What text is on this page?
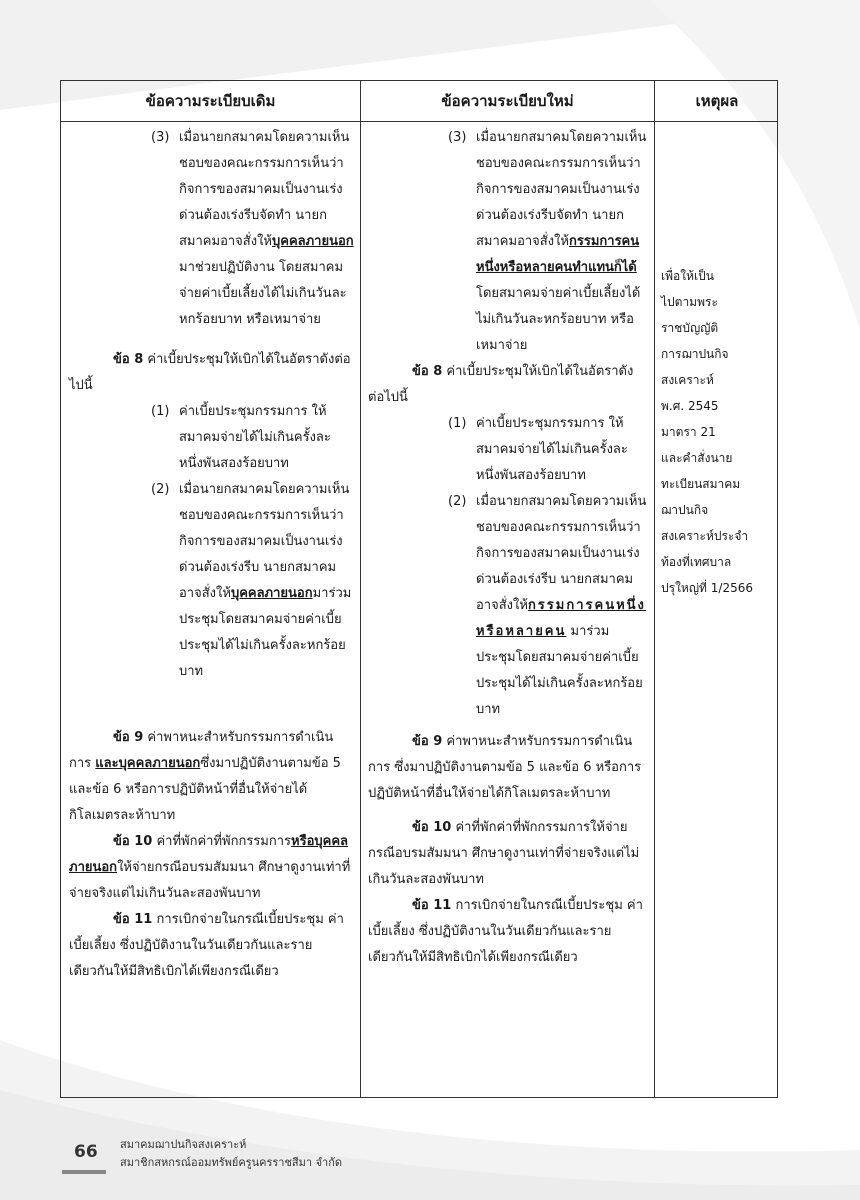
ข้อความระเบียบเดิม	ข้อความระเบียบใหม่	เหตุผล
(3) เมื่อนายกสมาคมโดยความเห็นชอบของคณะกรรมการเห็นว่า กิจการของสมาคมเป็นงานเร่งด่วนต้องเร่งรีบจัดทำ นายกสมาคมอาจสั่งให้บุคคลภายนอกมาช่วยปฏิบัติงาน โดยสมาคมจ่ายค่าเบี้ยเลี้ยงได้ไม่เกินวันละ หกร้อยบาท หรือเหมาจ่าย
ข้อ 8 ค่าเบี้ยประชุมให้เบิกได้ในอัตราดังต่อไปนี้
(1) ค่าเบี้ยประชุมกรรมการ ให้สมาคมจ่ายได้ไม่เกินครั้งละหนึ่งพันสองร้อยบาท
(2) เมื่อนายกสมาคมโดยความเห็นชอบของคณะกรรมการเห็นว่า กิจการของสมาคมเป็นงานเร่งด่วนต้องเร่งรีบ นายกสมาคมอาจสั่งให้บุคคลภายนอกมาร่วมประชุมโดยสมาคมจ่ายค่าเบี้ยประชุมได้ไม่เกินครั้งละหกร้อยบาท
ข้อ 9 ค่าพาหนะสำหรับกรรมการดำเนินการ และบุคคลภายนอกซึ่งมาปฏิบัติงานตามข้อ 5 และข้อ 6 หรือการปฏิบัติหน้าที่อื่นให้จ่ายได้กิโลเมตรละห้าบาท
ข้อ 10 ค่าที่พักค่าที่พักกรรมการหรือบุคคลภายนอกให้จ่ายกรณีอบรมสัมมนา ศึกษาดูงานเท่าที่จ่ายจริงแต่ไม่เกินวันละสองพันบาท
ข้อ 11 การเบิกจ่ายในกรณีเบี้ยประชุม ค่าเบี้ยเลี้ยง ซึ่งปฏิบัติงานในวันเดียวกันและรายเดียวกันให้มีสิทธิเบิกได้เพียงกรณีเดียว
(3) เมื่อนายกสมาคมโดยความเห็นชอบของคณะกรรมการเห็นว่า กิจการของสมาคมเป็นงานเร่งด่วนต้องเร่งรีบจัดทำ นายกสมาคมอาจสั่งให้กรรมการคนหนึ่งหรือหลายคนทำแทนก็ได้ โดยสมาคมจ่ายค่าเบี้ยเลี้ยงได้ไม่เกินวันละหกร้อยบาท หรือเหมาจ่าย
ข้อ 8 ค่าเบี้ยประชุมให้เบิกได้ในอัตราดังต่อไปนี้
(1) ค่าเบี้ยประชุมกรรมการ ให้สมาคมจ่ายได้ไม่เกินครั้งละหนึ่งพันสองร้อยบาท
(2) เมื่อนายกสมาคมโดยความเห็นชอบของคณะกรรมการเห็นว่า กิจการของสมาคมเป็นงานเร่งด่วนต้องเร่งรีบ นายกสมาคมอาจสั่งให้กรรมการคนหนึ่งหรือหลายคน มาร่วมประชุมโดยสมาคมจ่ายค่าเบี้ยประชุมได้ไม่เกินครั้งละหกร้อยบาท
ข้อ 9 ค่าพาหนะสำหรับกรรมการดำเนินการ ซึ่งมาปฏิบัติงานตามข้อ 5 และข้อ 6 หรือการปฏิบัติหน้าที่อื่นให้จ่ายได้กิโลเมตรละห้าบาท
ข้อ 10 ค่าที่พักค่าที่พักกรรมการให้จ่ายกรณีอบรมสัมมนา ศึกษาดูงานเท่าที่จ่ายจริงแต่ไม่เกินวันละสองพันบาท
ข้อ 11 การเบิกจ่ายในกรณีเบี้ยประชุม ค่าเบี้ยเลี้ยง ซึ่งปฏิบัติงานในวันเดียวกันและรายเดียวกันให้มีสิทธิเบิกได้เพียงกรณีเดียว
เพื่อให้เป็น
ไปตามพระ
ราชบัญญัติ
การฌาปนกิจ
สงเคราะห์
พ.ศ. 2545
มาตรา 21
และคำสั่งนาย
ทะเบียนสมาคม
ฌาปนกิจ
สงเคราะห์ประจำ
ท้องที่เทศบาล
ปรุใหญ่ที่ 1/2566
66 สมาคมฌาปนกิจสงเคราะห์
สมาชิกสหกรณ์ออมทรัพย์ครูนครราชสีมา จำกัด
